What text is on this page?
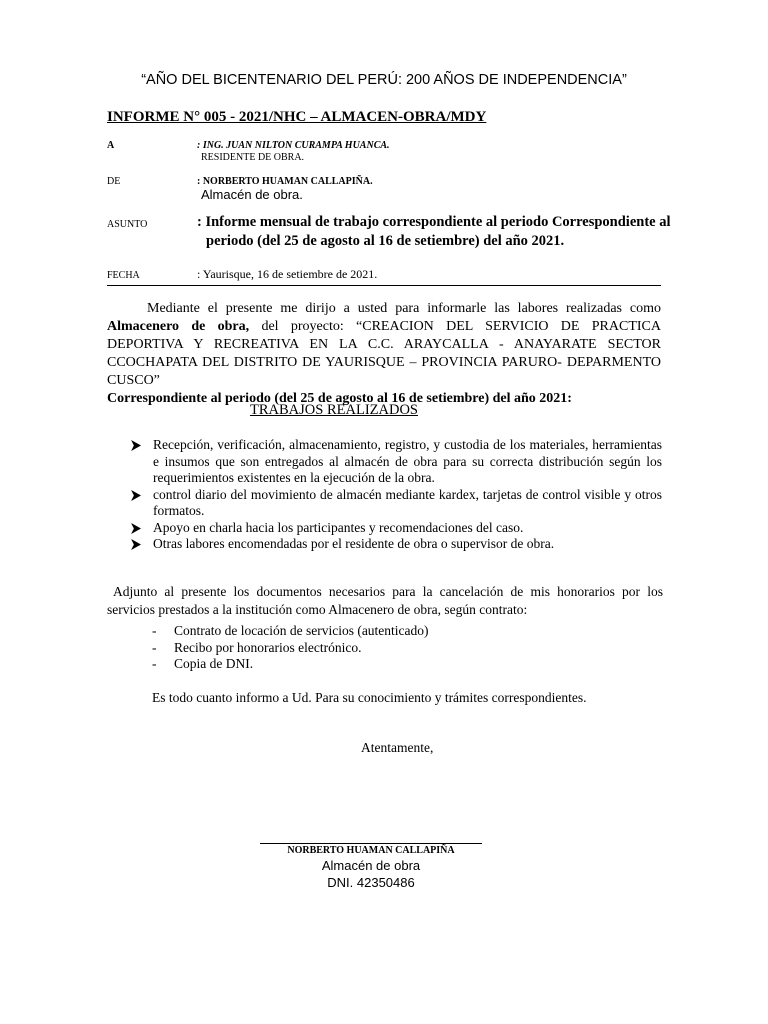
“AÑO DEL BICENTENARIO DEL PERÚ: 200 AÑOS DE INDEPENDENCIA”
INFORME N° 005 - 2021/NHC – ALMACEN-OBRA/MDY
A	: ING. JUAN NILTON CURAMPA HUANCA.
RESIDENTE DE OBRA.
DE	: NORBERTO HUAMAN CALLAPIÑA.
Almacén de obra.
ASUNTO	: Informe mensual de trabajo correspondiente al periodo Correspondiente al
periodo (del 25 de agosto al 16 de setiembre) del año 2021.
FECHA	: Yaurisque, 16 de setiembre de 2021.
Mediante el presente me dirijo a usted para informarle las labores realizadas como Almacenero de obra, del proyecto: “CREACION DEL SERVICIO DE PRACTICA DEPORTIVA Y RECREATIVA EN LA C.C. ARAYCALLA - ANAYARATE SECTOR CCOCHAPATA DEL DISTRITO DE YAURISQUE – PROVINCIA PARURO- DEPARMENTO CUSCO”
Correspondiente al periodo (del 25 de agosto al 16 de setiembre) del año 2021:
TRABAJOS REALIZADOS
Recepción, verificación, almacenamiento, registro, y custodia de los materiales, herramientas e insumos que son entregados al almacén de obra para su correcta distribución según los requerimientos existentes en la ejecución de la obra.
control diario del movimiento de almacén mediante kardex, tarjetas de control visible y otros formatos.
Apoyo en charla hacia los participantes y recomendaciones del caso.
Otras labores encomendadas por el residente de obra o supervisor de obra.
Adjunto al presente los documentos necesarios para la cancelación de mis honorarios por los servicios prestados a la institución como Almacenero de obra, según contrato:
- Contrato de locación de servicios (autenticado)
- Recibo por honorarios electrónico.
- Copia de DNI.
Es todo cuanto informo a Ud. Para su conocimiento y trámites correspondientes.
Atentamente,
NORBERTO HUAMAN CALLAPIÑA
Almacén de obra
DNI. 42350486
